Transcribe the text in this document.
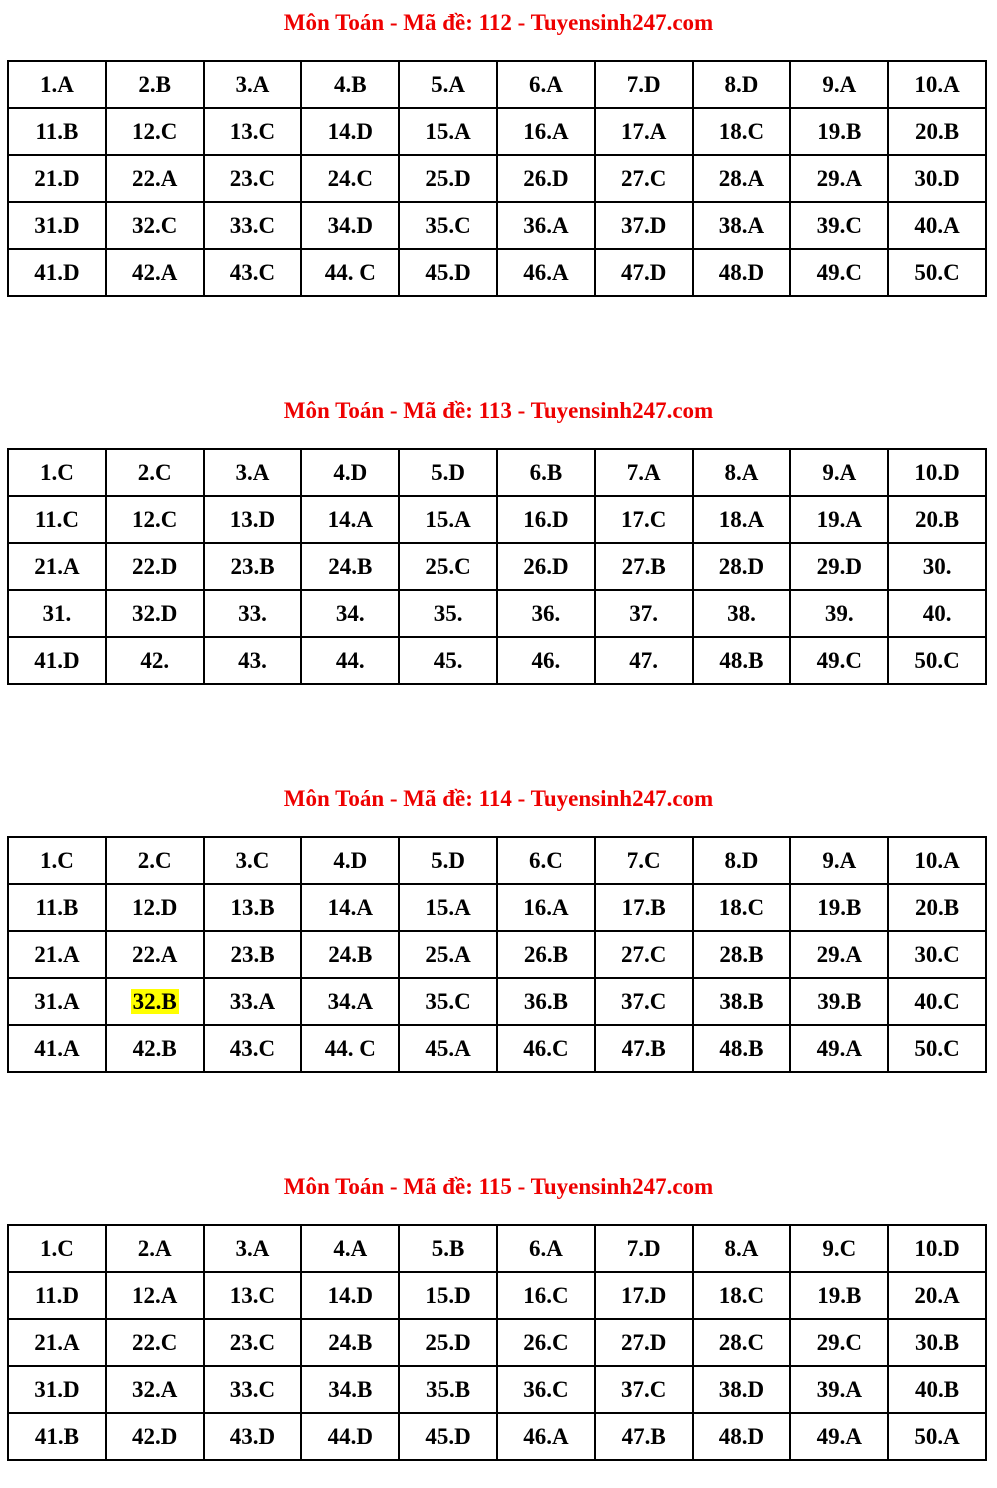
Môn Toán - Mã đề: 112 - Tuyensinh247.com
1.A	2.B	3.A	4.B	5.A	6.A	7.D	8.D	9.A	10.A
11.B	12.C	13.C	14.D	15.A	16.A	17.A	18.C	19.B	20.B
21.D	22.A	23.C	24.C	25.D	26.D	27.C	28.A	29.A	30.D
31.D	32.C	33.C	34.D	35.C	36.A	37.D	38.A	39.C	40.A
41.D	42.A	43.C	44. C	45.D	46.A	47.D	48.D	49.C	50.C
Môn Toán - Mã đề: 113 - Tuyensinh247.com
1.C	2.C	3.A	4.D	5.D	6.B	7.A	8.A	9.A	10.D
11.C	12.C	13.D	14.A	15.A	16.D	17.C	18.A	19.A	20.B
21.A	22.D	23.B	24.B	25.C	26.D	27.B	28.D	29.D	30.
31.	32.D	33.	34.	35.	36.	37.	38.	39.	40.
41.D	42.	43.	44.	45.	46.	47.	48.B	49.C	50.C
Môn Toán - Mã đề: 114 - Tuyensinh247.com
1.C	2.C	3.C	4.D	5.D	6.C	7.C	8.D	9.A	10.A
11.B	12.D	13.B	14.A	15.A	16.A	17.B	18.C	19.B	20.B
21.A	22.A	23.B	24.B	25.A	26.B	27.C	28.B	29.A	30.C
31.A	32.B	33.A	34.A	35.C	36.B	37.C	38.B	39.B	40.C
41.A	42.B	43.C	44. C	45.A	46.C	47.B	48.B	49.A	50.C
Môn Toán - Mã đề: 115 - Tuyensinh247.com
1.C	2.A	3.A	4.A	5.B	6.A	7.D	8.A	9.C	10.D
11.D	12.A	13.C	14.D	15.D	16.C	17.D	18.C	19.B	20.A
21.A	22.C	23.C	24.B	25.D	26.C	27.D	28.C	29.C	30.B
31.D	32.A	33.C	34.B	35.B	36.C	37.C	38.D	39.A	40.B
41.B	42.D	43.D	44.D	45.D	46.A	47.B	48.D	49.A	50.A
